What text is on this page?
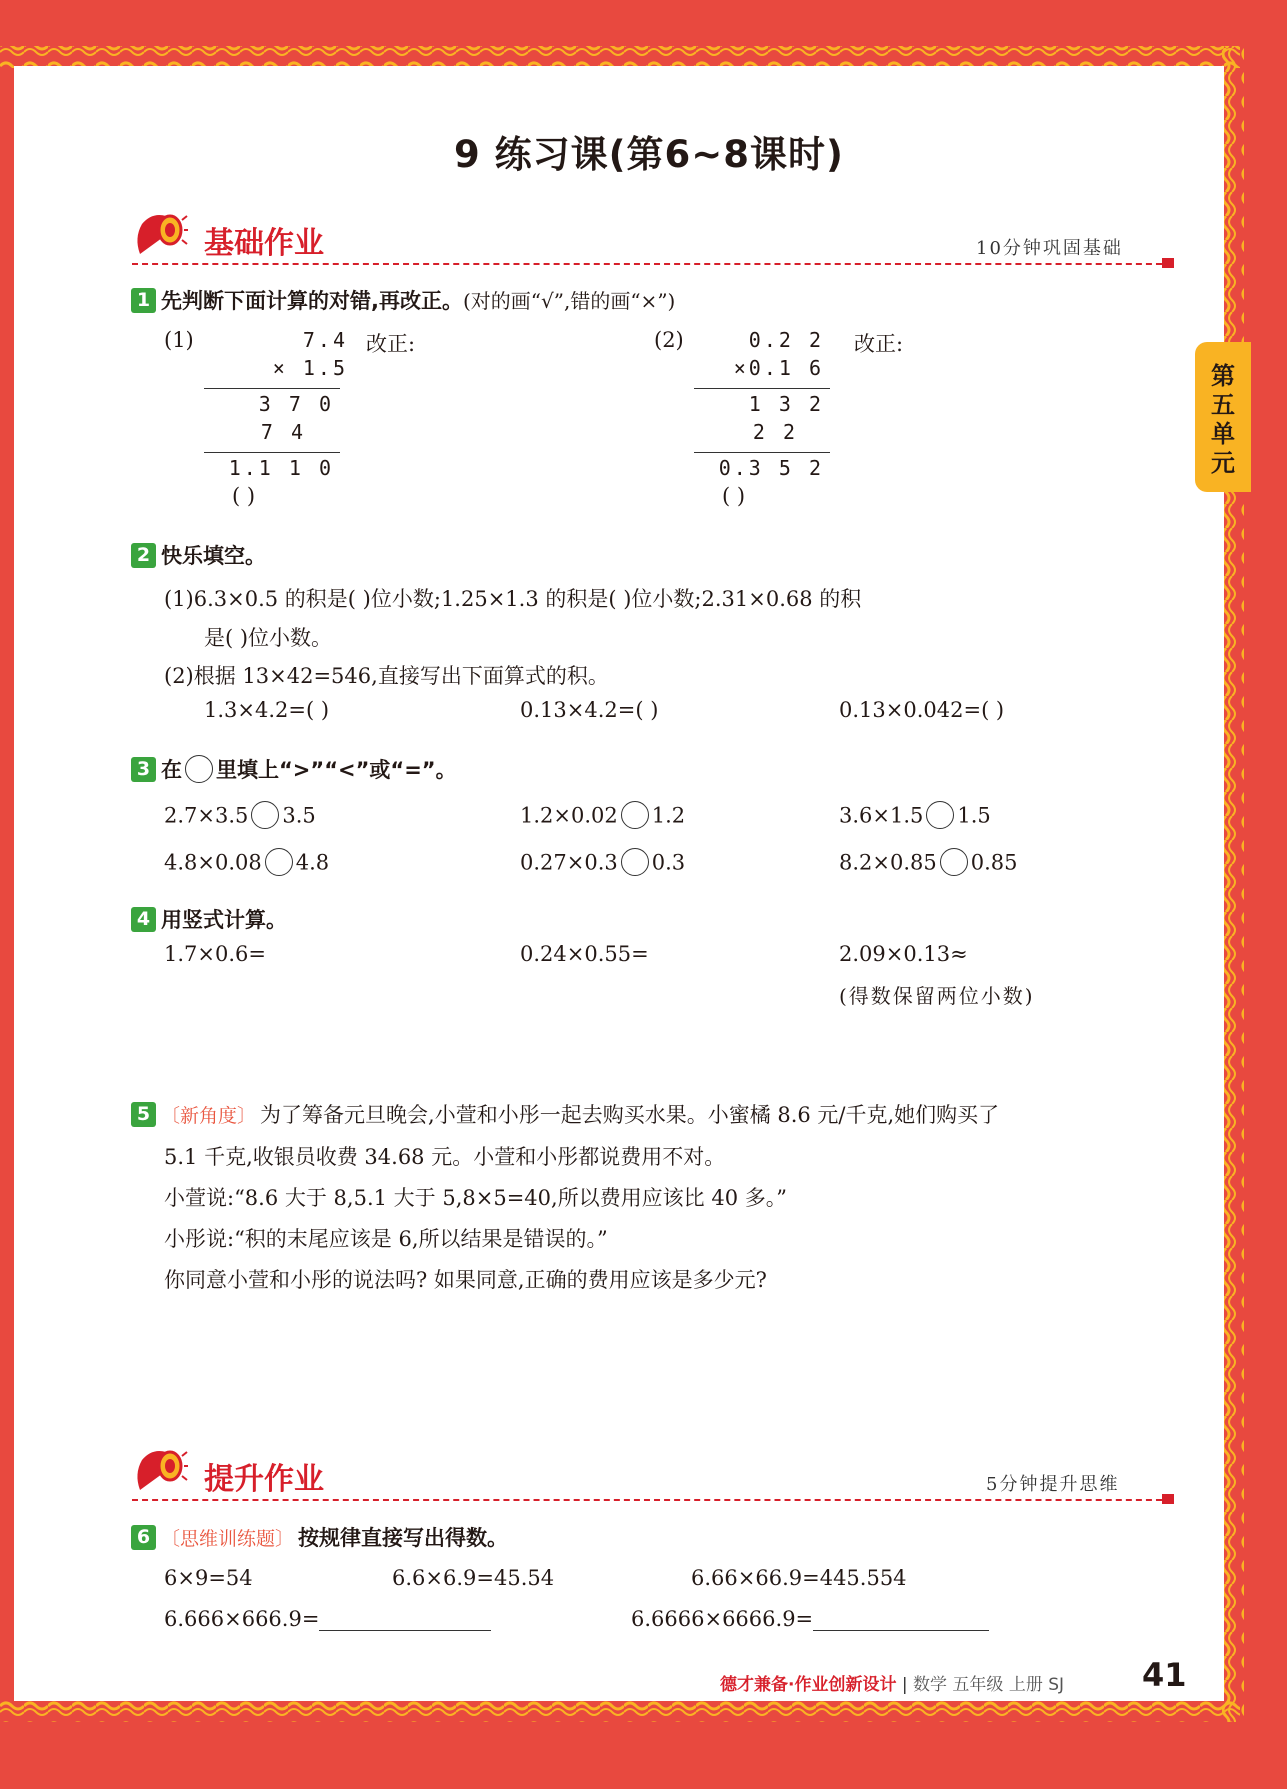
9 练习课(第6~8课时)
基础作业	10分钟巩固基础
1 先判断下面计算的对错,再改正。(对的画“√”,错的画“×”)
(1)	7.4
× 1.5
3 7 0
7 4
1.1 1 0
( )
改正:	(2)	0.2 2
×0.1 6
1 3 2
2 2
0.3 5 2
( )
改正:
2 快乐填空。
(1)6.3×0.5 的积是( )位小数;1.25×1.3 的积是( )位小数;2.31×0.68 的积
是( )位小数。
(2)根据 13×42=546,直接写出下面算式的积。
1.3×4.2=( )	0.13×4.2=( )	0.13×0.042=( )
3 在 里填上“>”“<”或“=”。
2.7×3.5 3.5	1.2×0.02 1.2	3.6×1.5 1.5
4.8×0.08 4.8	0.27×0.3 0.3	8.2×0.85 0.85
4 用竖式计算。
1.7×0.6=	0.24×0.55=	2.09×0.13≈
(得数保留两位小数)
5 〔新角度〕 为了筹备元旦晚会,小萱和小彤一起去购买水果。小蜜橘 8.6 元/千克,她们购买了
5.1 千克,收银员收费 34.68 元。小萱和小彤都说费用不对。
小萱说:“8.6 大于 8,5.1 大于 5,8×5=40,所以费用应该比 40 多。”
小彤说:“积的末尾应该是 6,所以结果是错误的。”
你同意小萱和小彤的说法吗? 如果同意,正确的费用应该是多少元?
提升作业	5分钟提升思维
6 〔思维训练题〕 按规律直接写出得数。
6×9=54	6.6×6.9=45.54	6.66×66.9=445.554
6.666×666.9=	6.6666×6666.9=
德才兼备·作业创新设计 | 数学 五年级 上册 SJ 41
第
五
单
元
